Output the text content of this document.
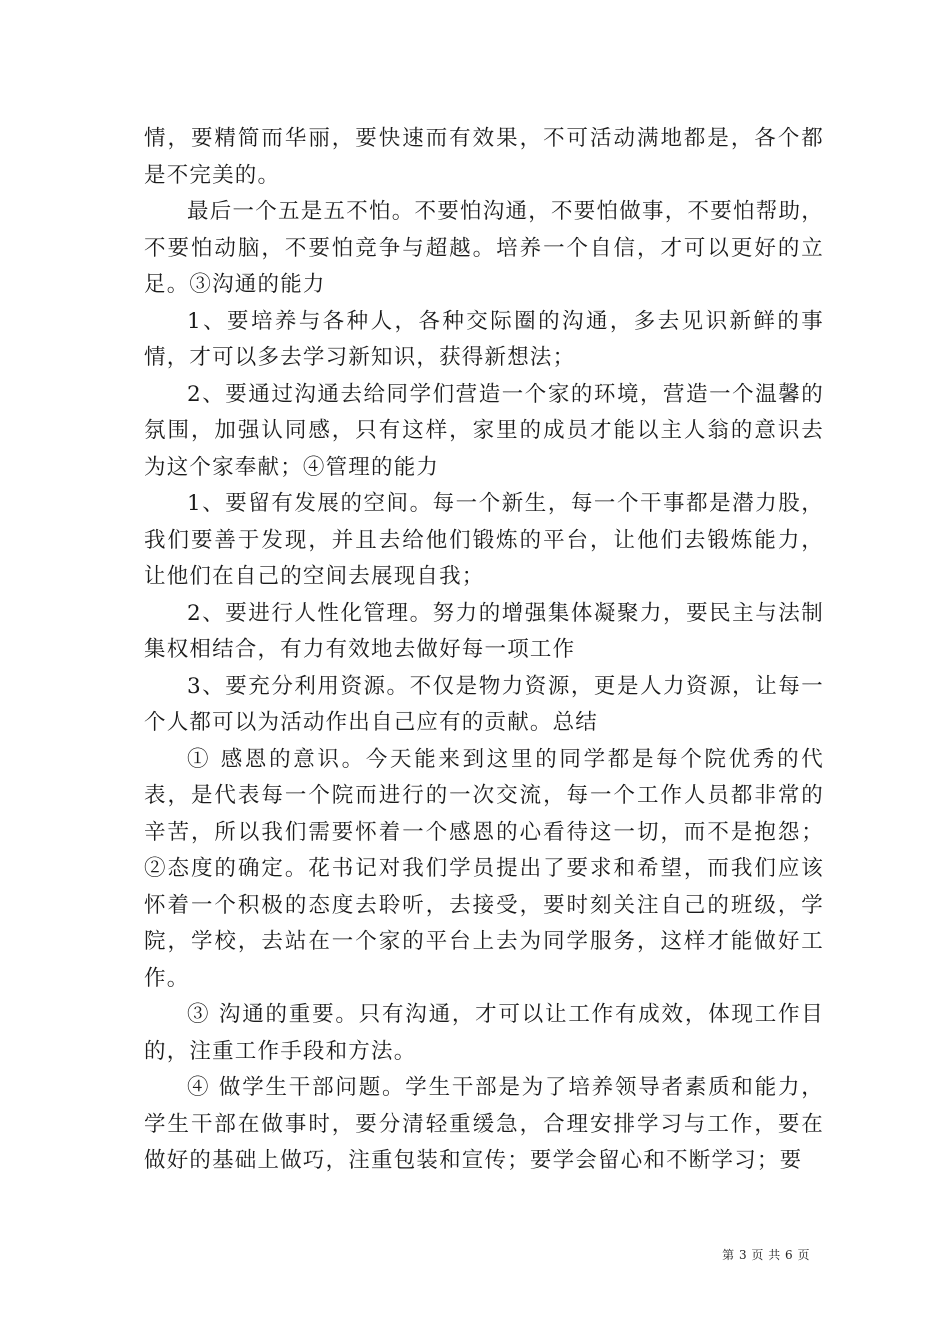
情，要精简而华丽，要快速而有效果，不可活动满地都是，各个都是不完美的。

最后一个五是五不怕。不要怕沟通，不要怕做事，不要怕帮助，不要怕动脑，不要怕竞争与超越。培养一个自信，才可以更好的立足。③沟通的能力

1、要培养与各种人，各种交际圈的沟通，多去见识新鲜的事情，才可以多去学习新知识，获得新想法；

2、要通过沟通去给同学们营造一个家的环境，营造一个温馨的氛围，加强认同感，只有这样，家里的成员才能以主人翁的意识去为这个家奉献；④管理的能力

1、要留有发展的空间。每一个新生，每一个干事都是潜力股，我们要善于发现，并且去给他们锻炼的平台，让他们去锻炼能力，让他们在自己的空间去展现自我；

2、要进行人性化管理。努力的增强集体凝聚力，要民主与法制集权相结合，有力有效地去做好每一项工作

3、要充分利用资源。不仅是物力资源，更是人力资源，让每一个人都可以为活动作出自己应有的贡献。总结

① 感恩的意识。今天能来到这里的同学都是每个院优秀的代表，是代表每一个院而进行的一次交流，每一个工作人员都非常的辛苦，所以我们需要怀着一个感恩的心看待这一切，而不是抱怨；②态度的确定。花书记对我们学员提出了要求和希望，而我们应该怀着一个积极的态度去聆听，去接受，要时刻关注自己的班级，学院，学校，去站在一个家的平台上去为同学服务，这样才能做好工作。

③ 沟通的重要。只有沟通，才可以让工作有成效，体现工作目的，注重工作手段和方法。

④ 做学生干部问题。学生干部是为了培养领导者素质和能力，学生干部在做事时，要分清轻重缓急，合理安排学习与工作，要在做好的基础上做巧，注重包装和宣传；要学会留心和不断学习；要

第 3 页 共 6 页
